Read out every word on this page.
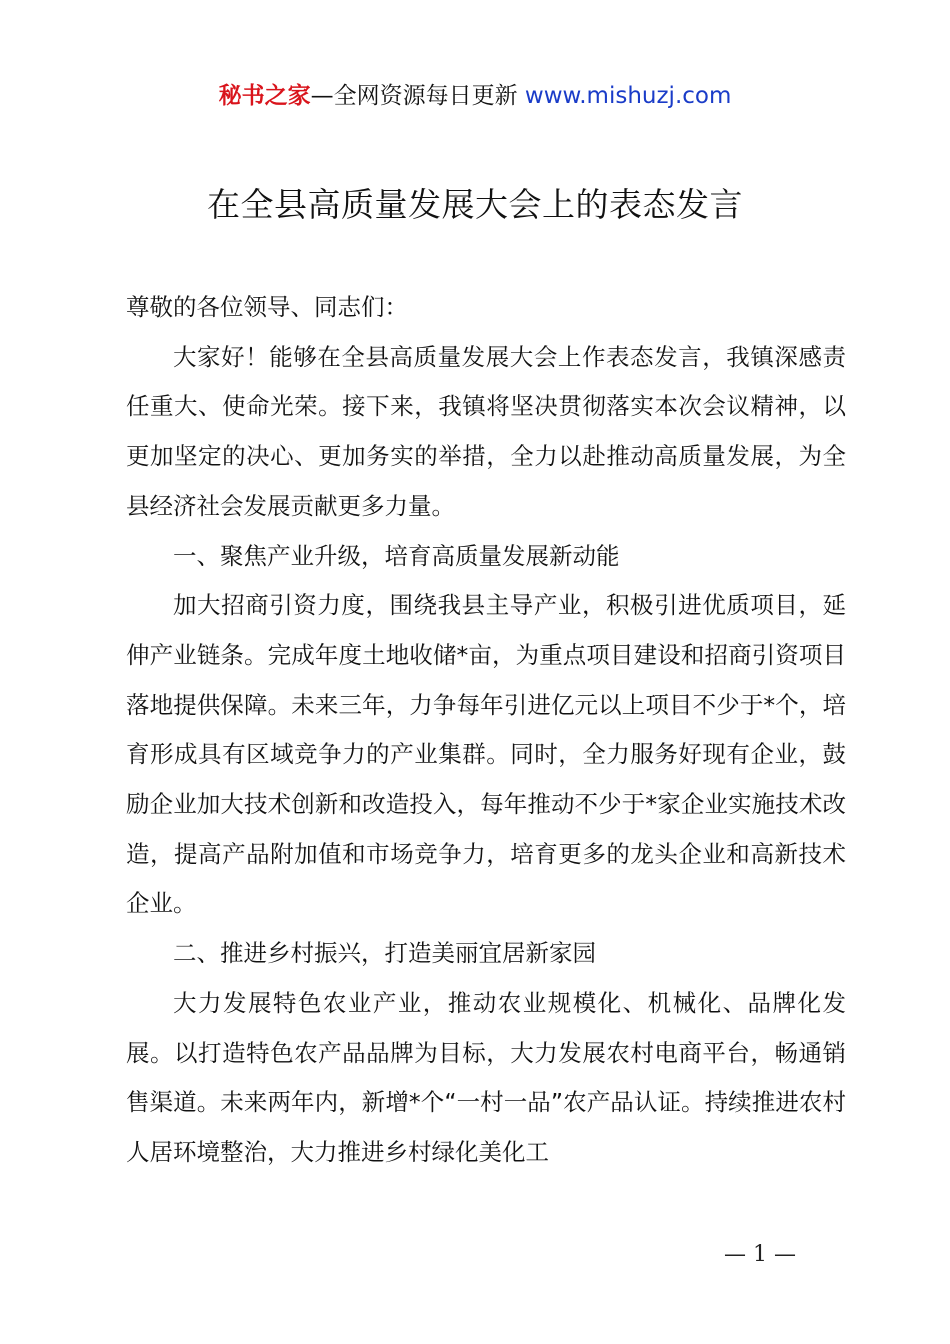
秘书之家—全网资源每日更新 www.mishuzj.com
在全县高质量发展大会上的表态发言

尊敬的各位领导、同志们：

大家好！能够在全县高质量发展大会上作表态发言，我镇深感责任重大、使命光荣。接下来，我镇将坚决贯彻落实本次会议精神，以更加坚定的决心、更加务实的举措，全力以赴推动高质量发展，为全县经济社会发展贡献更多力量。

一、聚焦产业升级，培育高质量发展新动能

加大招商引资力度，围绕我县主导产业，积极引进优质项目，延伸产业链条。完成年度土地收储*亩，为重点项目建设和招商引资项目落地提供保障。未来三年，力争每年引进亿元以上项目不少于*个，培育形成具有区域竞争力的产业集群。同时，全力服务好现有企业，鼓励企业加大技术创新和改造投入，每年推动不少于*家企业实施技术改造，提高产品附加值和市场竞争力，培育更多的龙头企业和高新技术企业。

二、推进乡村振兴，打造美丽宜居新家园

大力发展特色农业产业，推动农业规模化、机械化、品牌化发展。以打造特色农产品品牌为目标，大力发展农村电商平台，畅通销售渠道。未来两年内，新增*个“一村一品”农产品认证。持续推进农村人居环境整治，大力推进乡村绿化美化工

— 1 —
